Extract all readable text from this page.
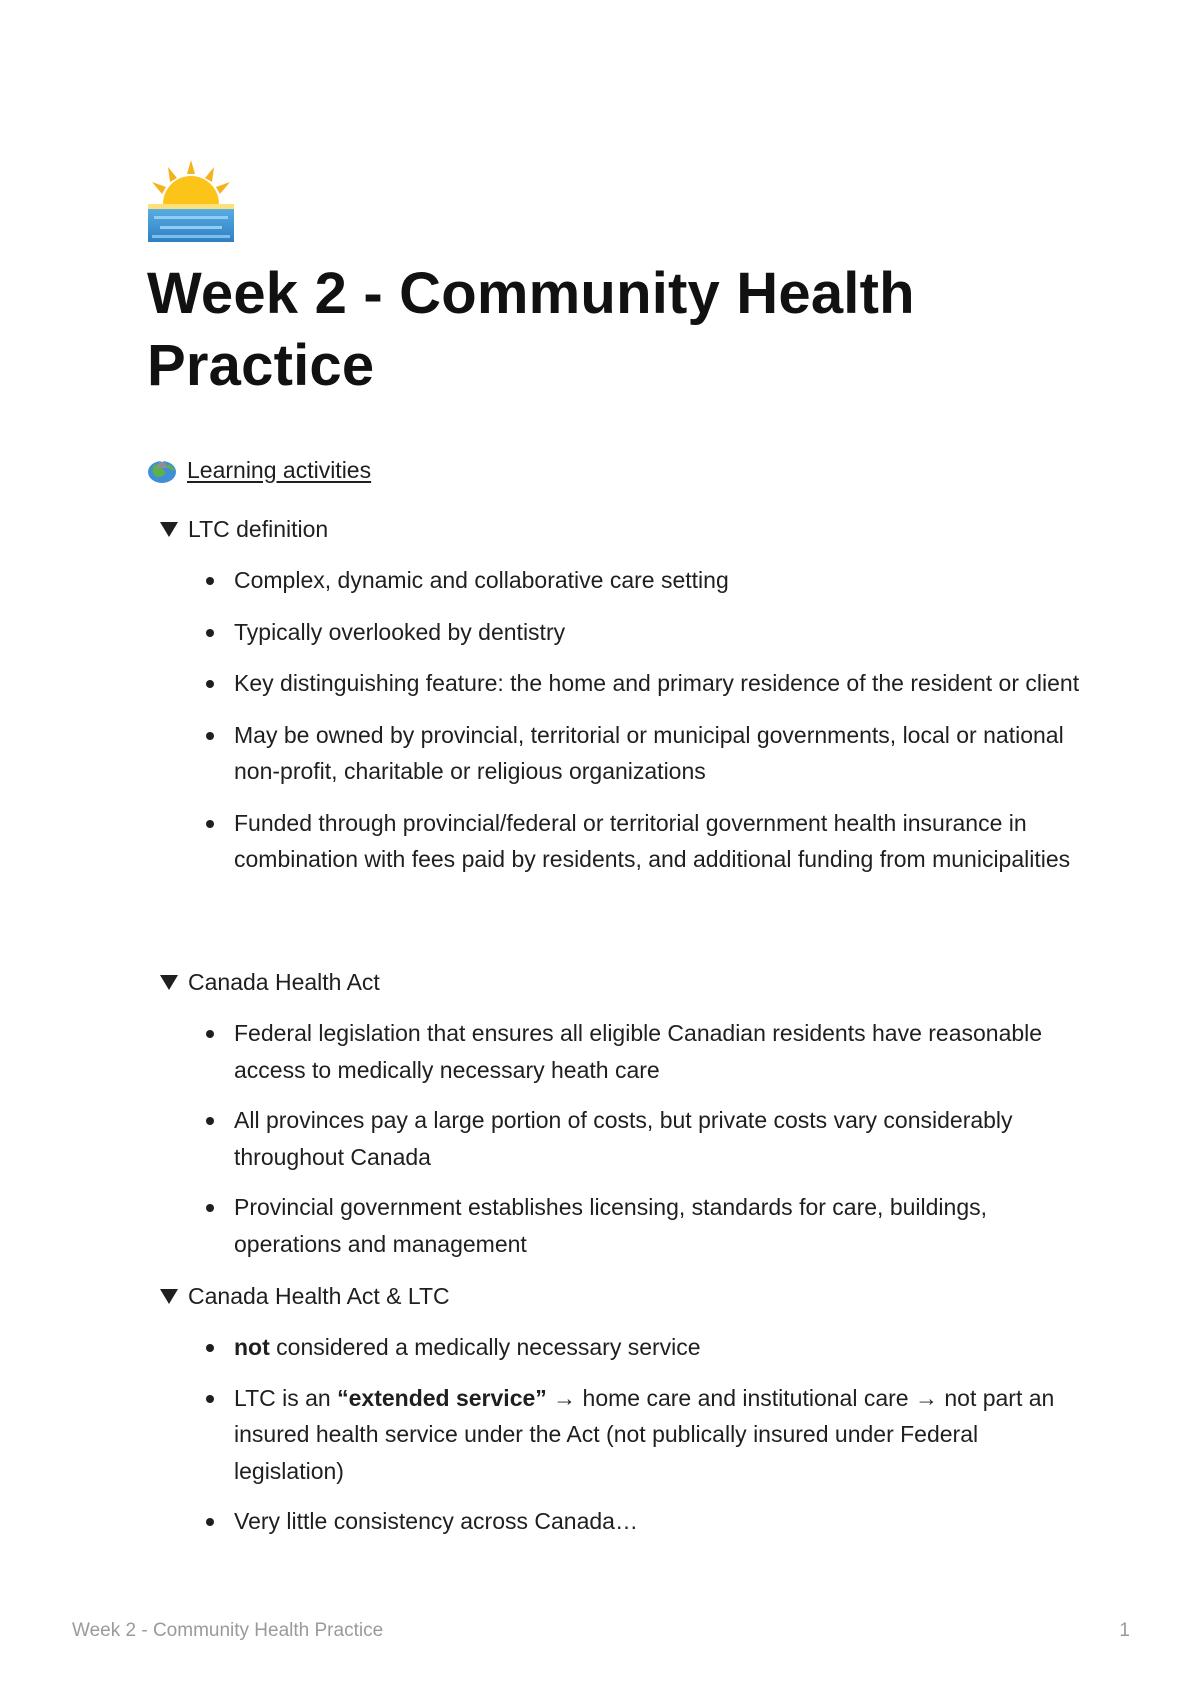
Week 2 - Community Health Practice
Learning activities
LTC definition
Complex, dynamic and collaborative care setting
Typically overlooked by dentistry
Key distinguishing feature: the home and primary residence of the resident or client
May be owned by provincial, territorial or municipal governments, local or national non-profit, charitable or religious organizations
Funded through provincial/federal or territorial government health insurance in combination with fees paid by residents, and additional funding from municipalities
Canada Health Act
Federal legislation that ensures all eligible Canadian residents have reasonable access to medically necessary heath care
All provinces pay a large portion of costs, but private costs vary considerably throughout Canada
Provincial government establishes licensing, standards for care, buildings, operations and management
Canada Health Act & LTC
not considered a medically necessary service
LTC is an “extended service” → home care and institutional care → not part an insured health service under the Act (not publically insured under Federal legislation)
Very little consistency across Canada…
Week 2 - Community Health Practice	1
